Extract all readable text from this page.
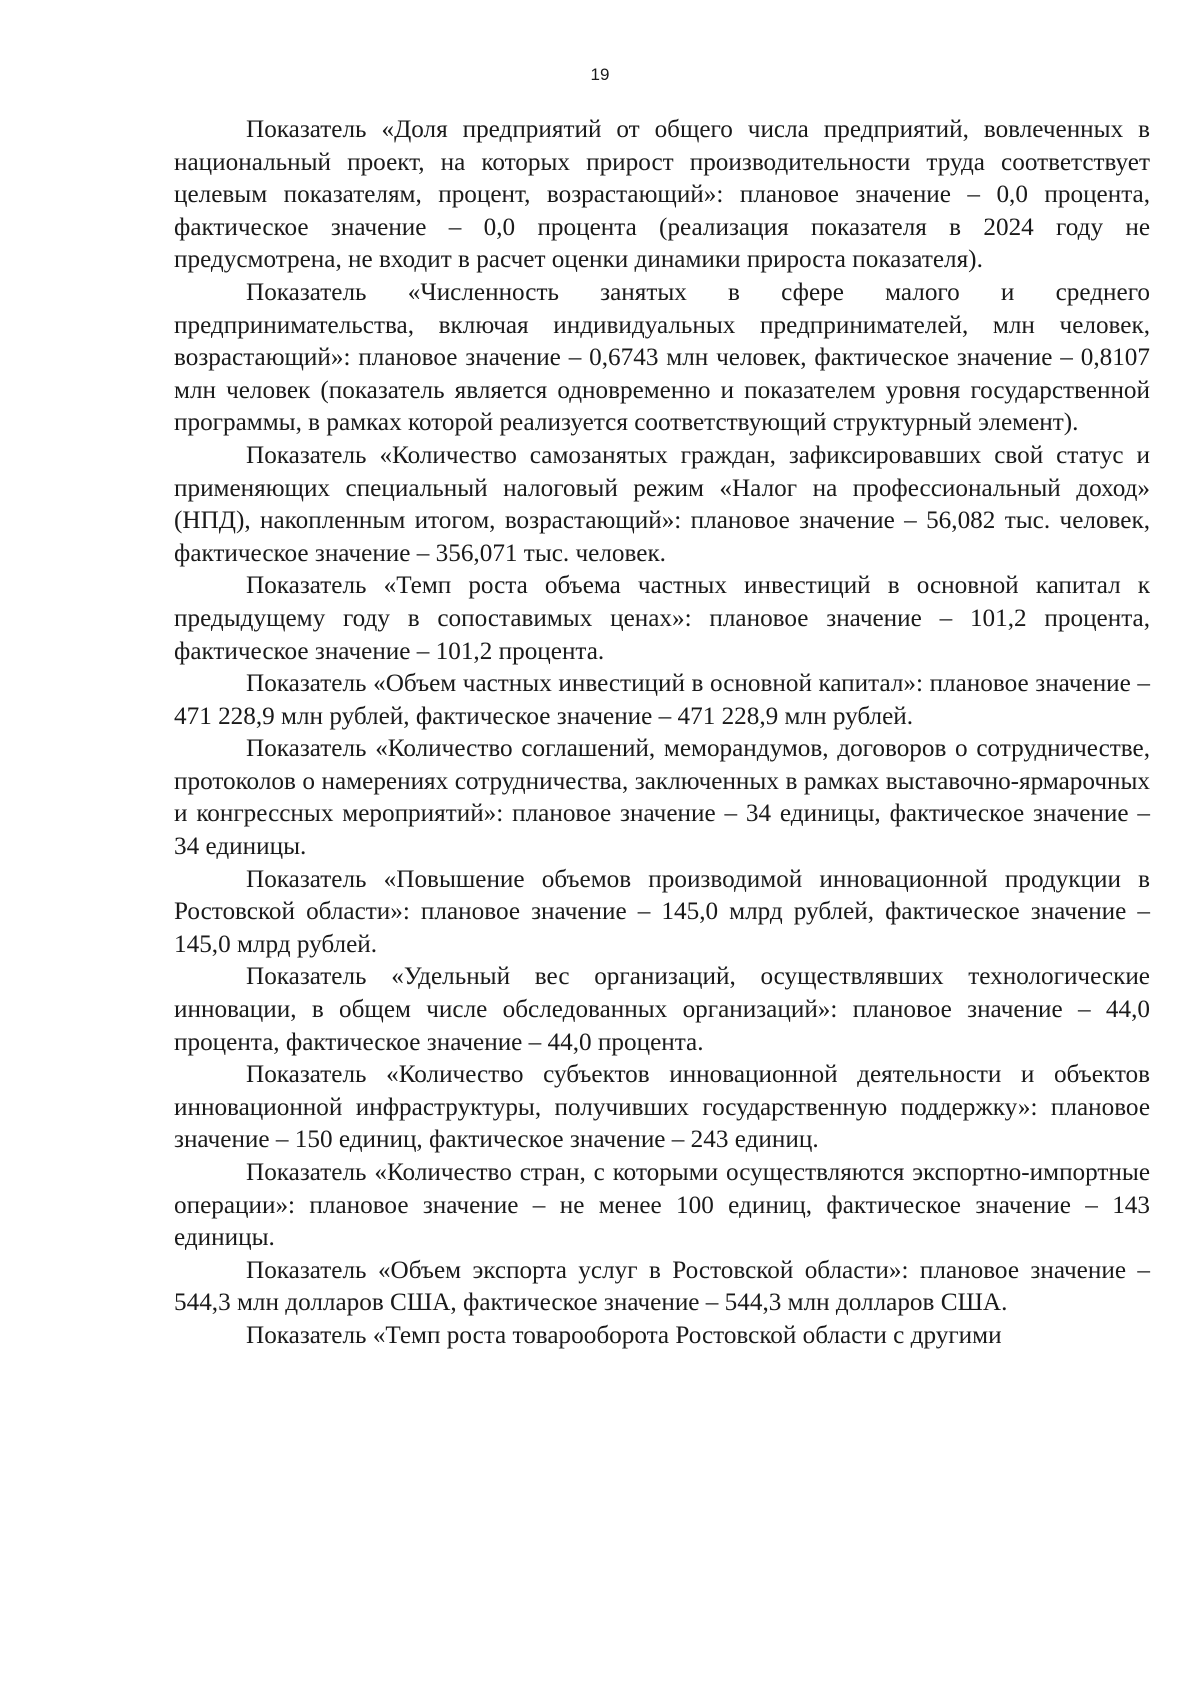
19

Показатель «Доля предприятий от общего числа предприятий, вовлеченных в национальный проект, на которых прирост производительности труда соответствует целевым показателям, процент, возрастающий»: плановое значение – 0,0 процента, фактическое значение – 0,0 процента (реализация показателя в 2024 году не предусмотрена, не входит в расчет оценки динамики прироста показателя).

Показатель «Численность занятых в сфере малого и среднего предпринимательства, включая индивидуальных предпринимателей, млн человек, возрастающий»: плановое значение – 0,6743 млн человек, фактическое значение – 0,8107 млн человек (показатель является одновременно и показателем уровня государственной программы, в рамках которой реализуется соответствующий структурный элемент).

Показатель «Количество самозанятых граждан, зафиксировавших свой статус и применяющих специальный налоговый режим «Налог на профессиональный доход» (НПД), накопленным итогом, возрастающий»: плановое значение – 56,082 тыс. человек, фактическое значение – 356,071 тыс. человек.

Показатель «Темп роста объема частных инвестиций в основной капитал к предыдущему году в сопоставимых ценах»: плановое значение – 101,2 процента, фактическое значение – 101,2 процента.

Показатель «Объем частных инвестиций в основной капитал»: плановое значение – 471 228,9 млн рублей, фактическое значение – 471 228,9 млн рублей.

Показатель «Количество соглашений, меморандумов, договоров о сотрудничестве, протоколов о намерениях сотрудничества, заключенных в рамках выставочно-ярмарочных и конгрессных мероприятий»: плановое значение – 34 единицы, фактическое значение – 34 единицы.

Показатель «Повышение объемов производимой инновационной продукции в Ростовской области»: плановое значение – 145,0 млрд рублей, фактическое значение – 145,0 млрд рублей.

Показатель «Удельный вес организаций, осуществлявших технологические инновации, в общем числе обследованных организаций»: плановое значение – 44,0 процента, фактическое значение – 44,0 процента.

Показатель «Количество субъектов инновационной деятельности и объектов инновационной инфраструктуры, получивших государственную поддержку»: плановое значение – 150 единиц, фактическое значение – 243 единиц.

Показатель «Количество стран, с которыми осуществляются экспортно-импортные операции»: плановое значение – не менее 100 единиц, фактическое значение – 143 единицы.

Показатель «Объем экспорта услуг в Ростовской области»: плановое значение – 544,3 млн долларов США, фактическое значение – 544,3 млн долларов США.

Показатель «Темп роста товарооборота Ростовской области с другими
